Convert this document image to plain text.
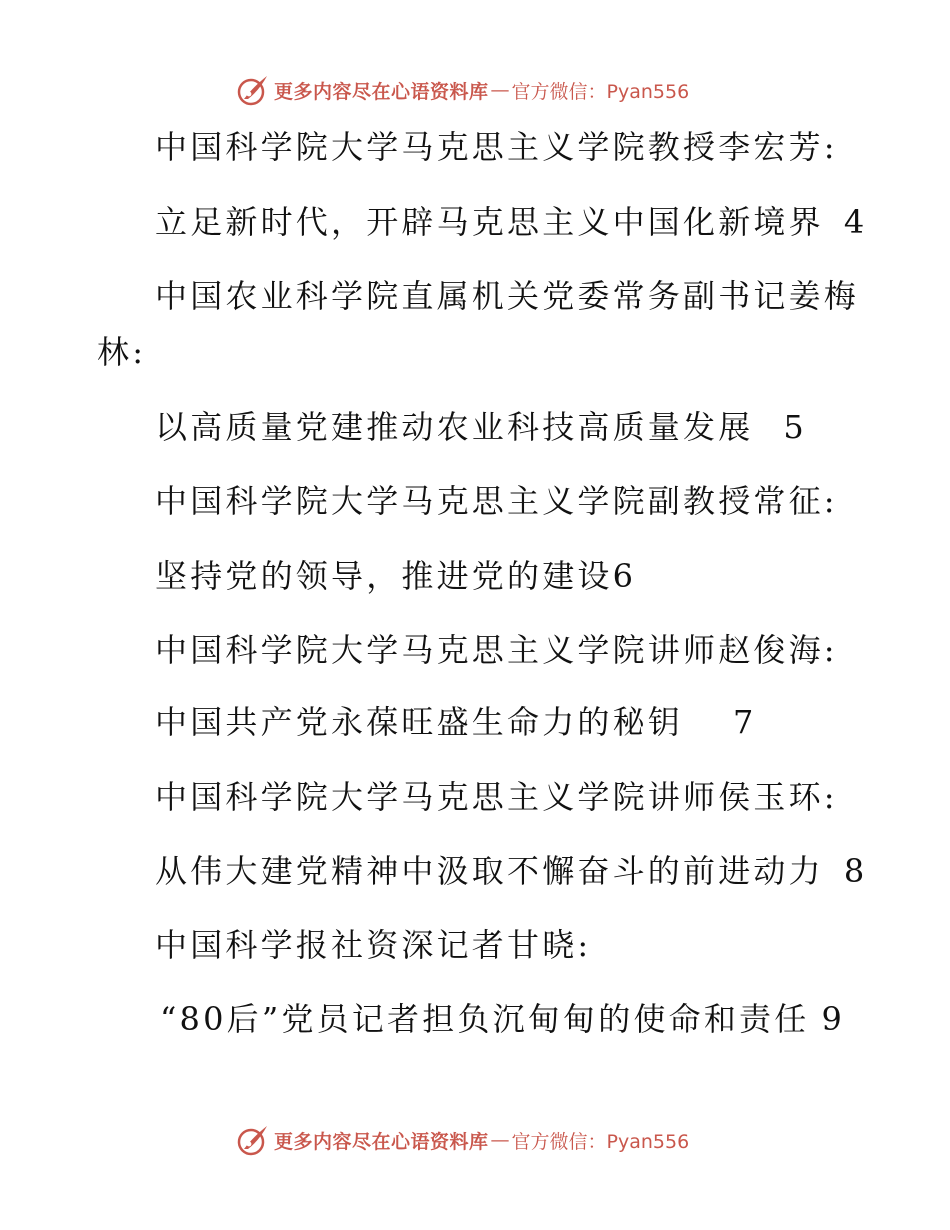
更多内容尽在心语资料库 — 官方微信：Pyan556
中国科学院大学马克思主义学院教授李宏芳:
立足新时代，开辟马克思主义中国化新境界 4
中国农业科学院直属机关党委常务副书记姜梅
林:
以高质量党建推动农业科技高质量发展 5
中国科学院大学马克思主义学院副教授常征:
坚持党的领导，推进党的建设6
中国科学院大学马克思主义学院讲师赵俊海:
中国共产党永葆旺盛生命力的秘钥 7
中国科学院大学马克思主义学院讲师侯玉环:
从伟大建党精神中汲取不懈奋斗的前进动力 8
中国科学报社资深记者甘晓:
“80后”党员记者担负沉甸甸的使命和责任 9
更多内容尽在心语资料库 — 官方微信：Pyan556
